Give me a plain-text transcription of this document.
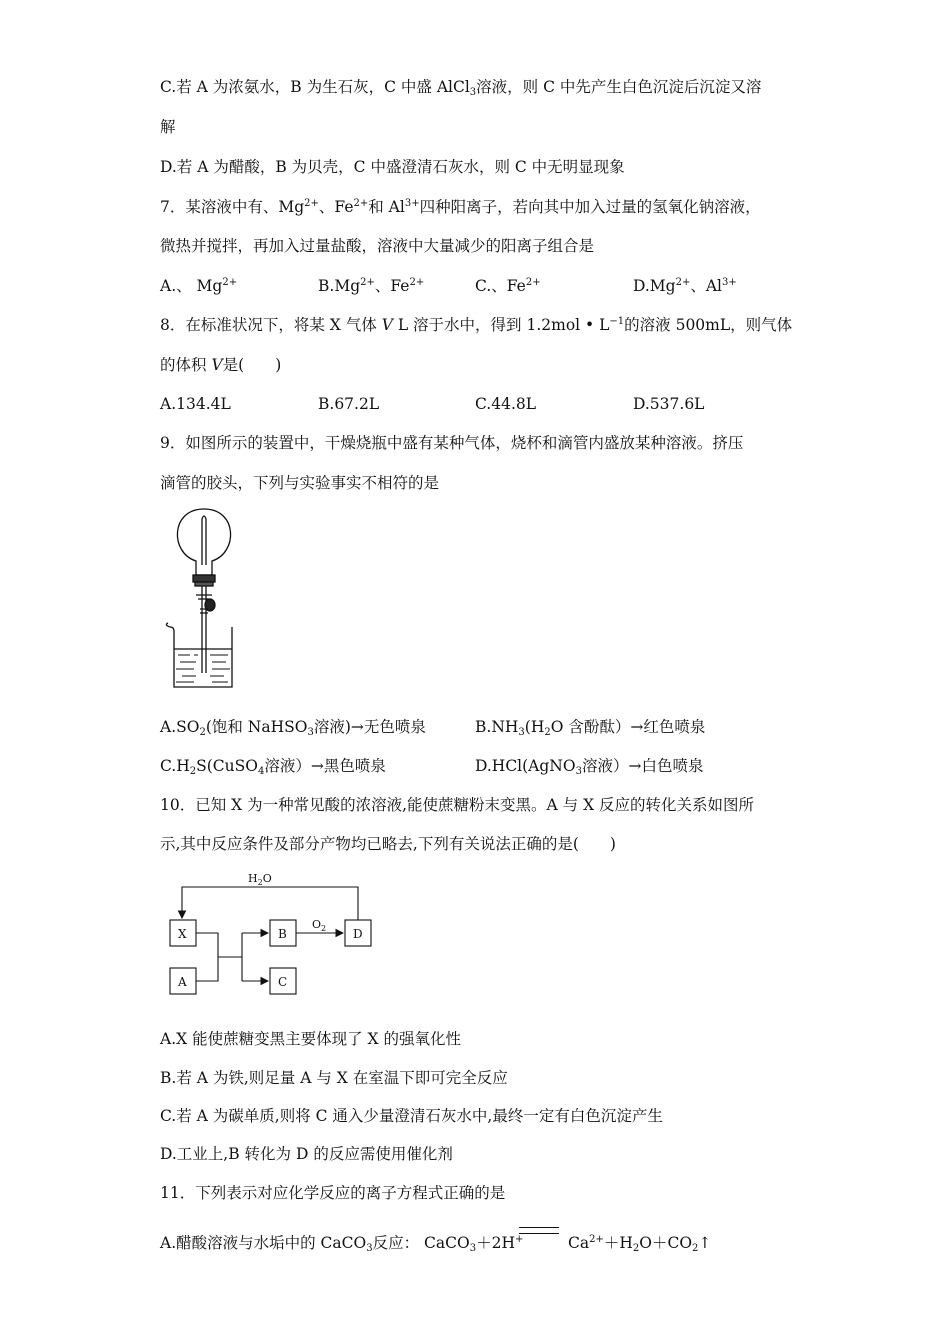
C.若 A 为浓氨水，B 为生石灰，C 中盛 AlCl$_3$溶液，则 C 中先产生白色沉淀后沉淀又溶
解
D.若 A 为醋酸，B 为贝壳，C 中盛澄清石灰水，则 C 中无明显现象
7．某溶液中有、$Mg^{2+}$、$Fe^{2+}$和 $Al^{3+}$四种阳离子，若向其中加入过量的氢氧化钠溶液，
微热并搅拌，再加入过量盐酸，溶液中大量减少的阳离子组合是
A.、 $Mg^{2+}$	$B.Mg^{2+}$、$Fe^{2+}$	C.、$Fe^{2+}$	$D.Mg^{2+}$、$Al^{3+}$
8．在标准状况下，将某 X 气体 V L 溶于水中，得到 1.2mol • $L^{-1}$的溶液 500mL，则气体
的体积 V是(　　)
A.134.4L	B.67.2L	C.44.8L	D.537.6L
9．如图所示的装置中，干燥烧瓶中盛有某种气体，烧杯和滴管内盛放某种溶液。挤压
滴管的胶头，下列与实验事实不相符的是
$A.SO_2$(饱和 NaHSO$_3$溶液)→无色喷泉	$B.NH_3(H_2O$ 含酚酞）→红色喷泉
$C.H_2S(CuSO_4$溶液）→黑色喷泉	D.HCl(AgNO$_3$溶液）→白色喷泉
10．已知 X 为一种常见酸的浓溶液,能使蔗糖粉末变黑。A 与 X 反应的转化关系如图所
示,其中反应条件及部分产物均已略去,下列有关说法正确的是(　　)
$H_2O$
$O_2$
X
A
B
C
D
A.X 能使蔗糖变黑主要体现了 X 的强氧化性
B.若 A 为铁,则足量 A 与 X 在室温下即可完全反应
C.若 A 为碳单质,则将 C 通入少量澄清石灰水中,最终一定有白色沉淀产生
D.工业上,B 转化为 D 的反应需使用催化剂
11．下列表示对应化学反应的离子方程式正确的是
A.醋酸溶液与水垢中的 CaCO$_3$反应： CaCO$_3$＋2H+	$Ca^{2+}+H_2O+CO_2↑$
